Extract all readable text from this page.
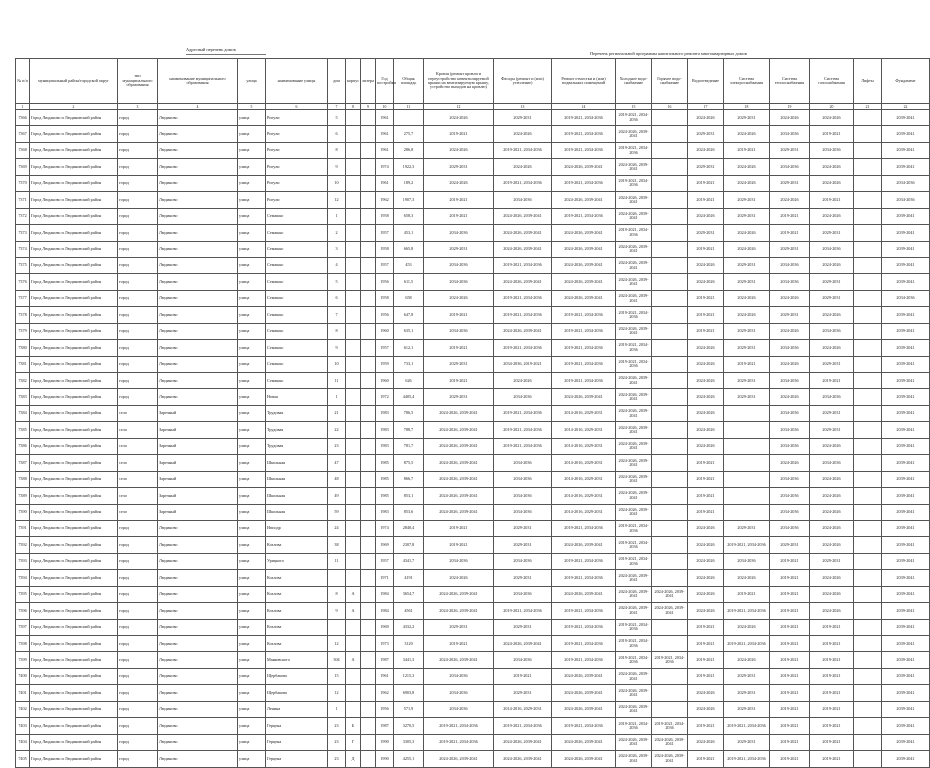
Адресный перечень домов
Перечень региональной программы капитального ремонта многоквартирных домов
№ п/п	муниципальный район/городской округ	тип муниципального образования	наименование муниципального образования	улица	наименование улицы	дом	корпус	литера	Год постройки	Общая площадь	Кровля (ремонт кровли и переустройство невентилируемой крыши на вентилируемую крышу, устройство выходов на кровлю)	Фасады (ремонт и (или) утепление)	Ремонт отмостки и (или) подвальных помещений	Холодное водо-снабжение	Горячее водо-снабжение	Водоотведение	Система электроснабжения	Система теплоснабжения	Система газоснабжения	Лифты	Фундамент
1	2	3	4	5	6	7	8	9	10	11	12	13	14	15	16	17	18	19	20	21	22
7366	Город Люданово и Людиновский район	город	Людиново	улица	Ригули	5			1961		2024-2026	2029-2031	2019-2021, 2034-2036	2019-2021, 2034-2036		2024-2026	2029-2031	2024-2026	2024-2026		2039-2041
7367	Город Люданово и Людиновский район	город	Людиново	улица	Ригули	6			1961	275,7	2019-2021	2024-2026	2019-2021, 2034-2036	2024-2026, 2039-2041		2029-2031	2024-2026	2034-2036	2019-2021		2039-2041
7368	Город Люданово и Людиновский район	город	Людиново	улица	Ригули	8			1961	286,8	2024-2026	2019-2021, 2034-2036	2019-2021, 2034-2036	2019-2021, 2034-2036		2024-2026	2019-2021	2029-2031	2034-2036		2039-2041
7369	Город Люданово и Людиновский район	город	Людиново	улица	Ригули	9			1974	1922,3	2029-2031	2024-2026	2024-2026, 2039-2041	2024-2026, 2039-2041		2029-2031	2024-2026	2034-2036	2024-2026		2039-2041
7370	Город Люданово и Людиновский район	город	Людиново	улица	Ригули	10			1961	189,2	2024-2026	2019-2021, 2034-2036	2019-2021, 2034-2036	2019-2021, 2034-2036		2019-2021	2024-2026	2029-2031	2024-2026		2034-2036
7371	Город Люданово и Людиновский район	город	Людиново	улица	Ригули	12			1962	1907,3	2019-2021	2034-2036	2024-2026, 2039-2041	2024-2026, 2039-2041		2019-2021	2029-2031	2024-2026	2019-2021		2034-2036
7372	Город Люданово и Людиновский район	город	Людиново	улица	Семашко	1			1958	658,3	2019-2021	2024-2026, 2039-2041	2019-2021, 2034-2036	2024-2026, 2039-2041		2024-2026	2029-2031	2019-2021	2024-2026		2039-2041
7373	Город Люданово и Людиновский район	город	Людиново	улица	Семашко	2			1957	453,1	2034-2036	2024-2026, 2039-2041	2024-2026, 2039-2041	2019-2021, 2034-2036		2029-2031	2024-2026	2019-2021	2029-2031		2039-2041
7374	Город Люданово и Людиновский район	город	Людиново	улица	Семашко	3			1958	665,8	2029-2031	2024-2026, 2039-2041	2024-2026, 2039-2041	2024-2026, 2039-2041		2019-2021	2024-2026	2029-2031	2034-2036		2039-2041
7375	Город Люданово и Людиновский район	город	Людиново	улица	Семашко	4			1957	453	2034-2036	2019-2021, 2034-2036	2024-2026, 2039-2041	2024-2026, 2039-2041		2024-2026	2029-2031	2034-2036	2024-2026		2039-2041
7376	Город Люданово и Людиновский район	город	Людиново	улица	Семашко	5			1956	611,5	2034-2036	2024-2026, 2039-2041	2024-2026, 2039-2041	2024-2026, 2039-2041		2024-2026	2029-2031	2034-2036	2029-2031		2039-2041
7377	Город Люданово и Людиновский район	город	Людиново	улица	Семашко	6			1958	658	2024-2026	2019-2021, 2034-2036	2024-2026, 2039-2041	2024-2026, 2039-2041		2019-2021	2024-2026	2024-2026	2029-2031		2034-2036
7378	Город Люданово и Людиновский район	город	Людиново	улица	Семашко	7			1956	647,8	2019-2021	2019-2021, 2034-2036	2019-2021, 2034-2036	2019-2021, 2034-2036		2019-2021	2024-2026	2029-2031	2024-2026		2039-2041
7379	Город Люданово и Людиновский район	город	Людиново	улица	Семашко	8			1960	635,1	2034-2036	2024-2026, 2039-2041	2019-2021, 2034-2036	2024-2026, 2039-2041		2019-2021	2029-2031	2024-2026	2034-2036		2039-2041
7380	Город Люданово и Людиновский район	город	Людиново	улица	Семашко	9			1957	612,1	2019-2021	2019-2021, 2034-2036	2019-2021, 2034-2036	2019-2021, 2034-2036		2024-2026	2029-2031	2034-2036	2024-2026		2039-2041
7381	Город Люданово и Людиновский район	город	Людиново	улица	Семашко	10			1959	733,1	2029-2031	2034-2036, 2019-2021	2019-2021, 2034-2036	2019-2021, 2034-2036		2024-2026	2019-2021	2024-2026	2029-2031		2039-2041
7382	Город Люданово и Людиновский район	город	Людиново	улица	Семашко	11			1960	626	2019-2021	2024-2026	2019-2021, 2034-2036	2024-2026, 2039-2041		2024-2026	2029-2031	2034-2036	2019-2021		2039-2041
7383	Город Люданово и Людиновский район	город	Людиново	улица	Новая	1			1972	4405,4	2029-2031	2034-2036	2024-2026, 2039-2041	2024-2026, 2039-2041		2024-2026	2029-2031	2024-2026	2034-2036		2039-2041
7384	Город Люданово и Людиновский район	село	Заречный	улица	Трудовая	21			1983	786,5	2024-2026, 2039-2041	2019-2021, 2034-2036	2014-2016, 2029-2031	2024-2026, 2039-2041		2024-2026		2034-2036	2029-2031		2039-2041
7385	Город Люданово и Людиновский район	село	Заречный	улица	Трудовая	22			1983	788,7	2024-2026, 2039-2041	2019-2021, 2034-2036	2014-2016, 2029-2031	2024-2026, 2039-2041		2024-2026		2034-2036	2029-2031		2039-2041
7386	Город Люданово и Людиновский район	село	Заречный	улица	Трудовая	23			1983	781,7	2024-2026, 2039-2041	2019-2021, 2034-2036	2014-2016, 2029-2031	2024-2026, 2039-2041		2024-2026		2034-2036	2024-2026		2039-2041
7387	Город Люданово и Людиновский район	село	Заречный	улица	Школьная	47			1985	875,5	2024-2026, 2039-2041	2034-2036	2014-2016, 2029-2031	2024-2026, 2039-2041		2019-2021		2024-2026	2034-2036		2039-2041
7388	Город Люданово и Людиновский район	село	Заречный	улица	Школьная	48			1985	866,7	2024-2026, 2039-2041	2034-2036	2014-2016, 2029-2031	2024-2026, 2039-2041		2019-2021		2034-2036	2024-2026		2039-2041
7389	Город Люданово и Людиновский район	село	Заречный	улица	Школьная	49			1985	853,1	2024-2026, 2039-2041	2034-2036	2014-2016, 2029-2031	2024-2026, 2039-2041		2019-2021		2034-2036	2024-2026		2039-2041
7390	Город Люданово и Людиновский район	село	Заречный	улица	Школьная	59			1983	853,6	2024-2026, 2039-2041	2034-2036	2014-2016, 2029-2031	2024-2026, 2039-2041		2019-2021		2034-2036	2024-2026		2039-2041
7391	Город Люданово и Людиновский район	город	Людиново	улица	Ипподр	24			1974	2840,4	2019-2021	2029-2031	2019-2021, 2034-2036	2019-2021, 2034-2036		2024-2026	2029-2031	2034-2036	2024-2026		2039-2041
7392	Город Люданово и Людиновский район	город	Людиново	улица	Козлова	38			1969	2307,8	2019-2021	2029-2031	2024-2026, 2039-2041	2019-2021, 2034-2036		2024-2026	2019-2021, 2034-2036	2029-2031	2024-2026		2039-2041
7393	Город Люданово и Людиновский район	город	Людиново	улица	Урицкого	11			1957	4341,7	2034-2036	2034-2036	2019-2021, 2034-2036	2019-2021, 2034-2036		2024-2026	2034-2036	2019-2021	2029-2031		2039-2041
7394	Город Люданово и Людиновский район	город	Людиново	улица	Козлова				1971	4191	2024-2026	2029-2031	2019-2021, 2034-2036	2024-2026, 2039-2041		2024-2026	2024-2026	2019-2021	2024-2026		2039-2041
7395	Город Люданово и Людиновский район	город	Людиново	улица	Козлова	8	А		1984	3654,7	2024-2026, 2039-2041	2034-2036	2024-2026, 2039-2041	2024-2026, 2039-2041	2024-2026, 2039-2041	2024-2026	2019-2021	2019-2021	2024-2026		2039-2041
7396	Город Люданово и Людиновский район	город	Людиново	улица	Козлова	9	А		1984	4561	2024-2026, 2039-2041	2019-2021, 2034-2036	2019-2021, 2034-2036	2024-2026, 2039-2041	2024-2026, 2039-2041	2024-2026	2019-2021, 2034-2036	2019-2021	2024-2026		2039-2041
7397	Город Люданово и Людиновский район	город	Людиново	улица	Козлова				1969	4332,2	2029-2031	2029-2031	2019-2021, 2034-2036	2019-2021, 2034-2036		2019-2021	2024-2026	2019-2021	2019-2021		2039-2041
7398	Город Люданово и Людиновский район	город	Людиново	улица	Козлова	12			1973	3120	2019-2021	2024-2026, 2039-2041	2019-2021, 2034-2036	2019-2021, 2034-2036		2019-2021	2019-2021, 2034-2036	2019-2021	2019-2021		2039-2041
7399	Город Люданово и Людиновский район	город	Людиново	улица	Маяковского	304	А		1987	3441,3	2024-2026, 2039-2041	2034-2036	2019-2021, 2034-2036	2019-2021, 2034-2036	2019-2021, 2034-2036	2019-2021	2024-2026	2019-2021	2019-2021		2039-2041
7400	Город Люданово и Людиновский район	город	Людиново	улица	Щербакова	15			1961	1215,3	2034-2036	2019-2021	2024-2026, 2039-2041	2024-2026, 2039-2041		2019-2021	2029-2031	2019-2021	2019-2021		2039-2041
7401	Город Люданово и Людиновский район	город	Людиново	улица	Щербакова	12			1962	6903,8	2034-2036	2029-2031	2024-2026, 2039-2041	2024-2026, 2039-2041		2024-2026	2029-2031	2019-2021	2019-2021		2039-2041
7402	Город Люданово и Людиновский район	город	Людиново	улица	Ленина	1			1956	571,9	2034-2036	2014-2016, 2029-2031	2024-2026, 2039-2041	2024-2026, 2039-2041		2024-2026	2029-2031	2019-2021	2019-2021		2039-2041
7403	Город Люданово и Людиновский район	город	Людиново	улица	Герцена	23	Б		1987	3270,5	2019-2021, 2034-2036	2019-2021, 2034-2036	2019-2021, 2034-2036	2019-2021, 2034-2036	2019-2021, 2034-2036	2019-2021	2019-2021, 2034-2036	2019-2021	2019-2021		2039-2041
7404	Город Люданово и Людиновский район	город	Людиново	улица	Герцена	23	Г		1990	3305,3	2019-2021, 2034-2036	2024-2026, 2039-2041	2024-2026, 2039-2041	2024-2026, 2039-2041	2024-2026, 2039-2041	2024-2026	2029-2031	2019-2021	2019-2021		2039-2041
7405	Город Люданово и Людиновский район	город	Людиново	улица	Герцена	23	Д		1990	4255,1	2024-2026, 2039-2041	2024-2026, 2039-2041	2024-2026, 2039-2041	2024-2026, 2039-2041	2024-2026, 2039-2041	2019-2021	2019-2021, 2034-2036	2019-2021	2019-2021		2039-2041
